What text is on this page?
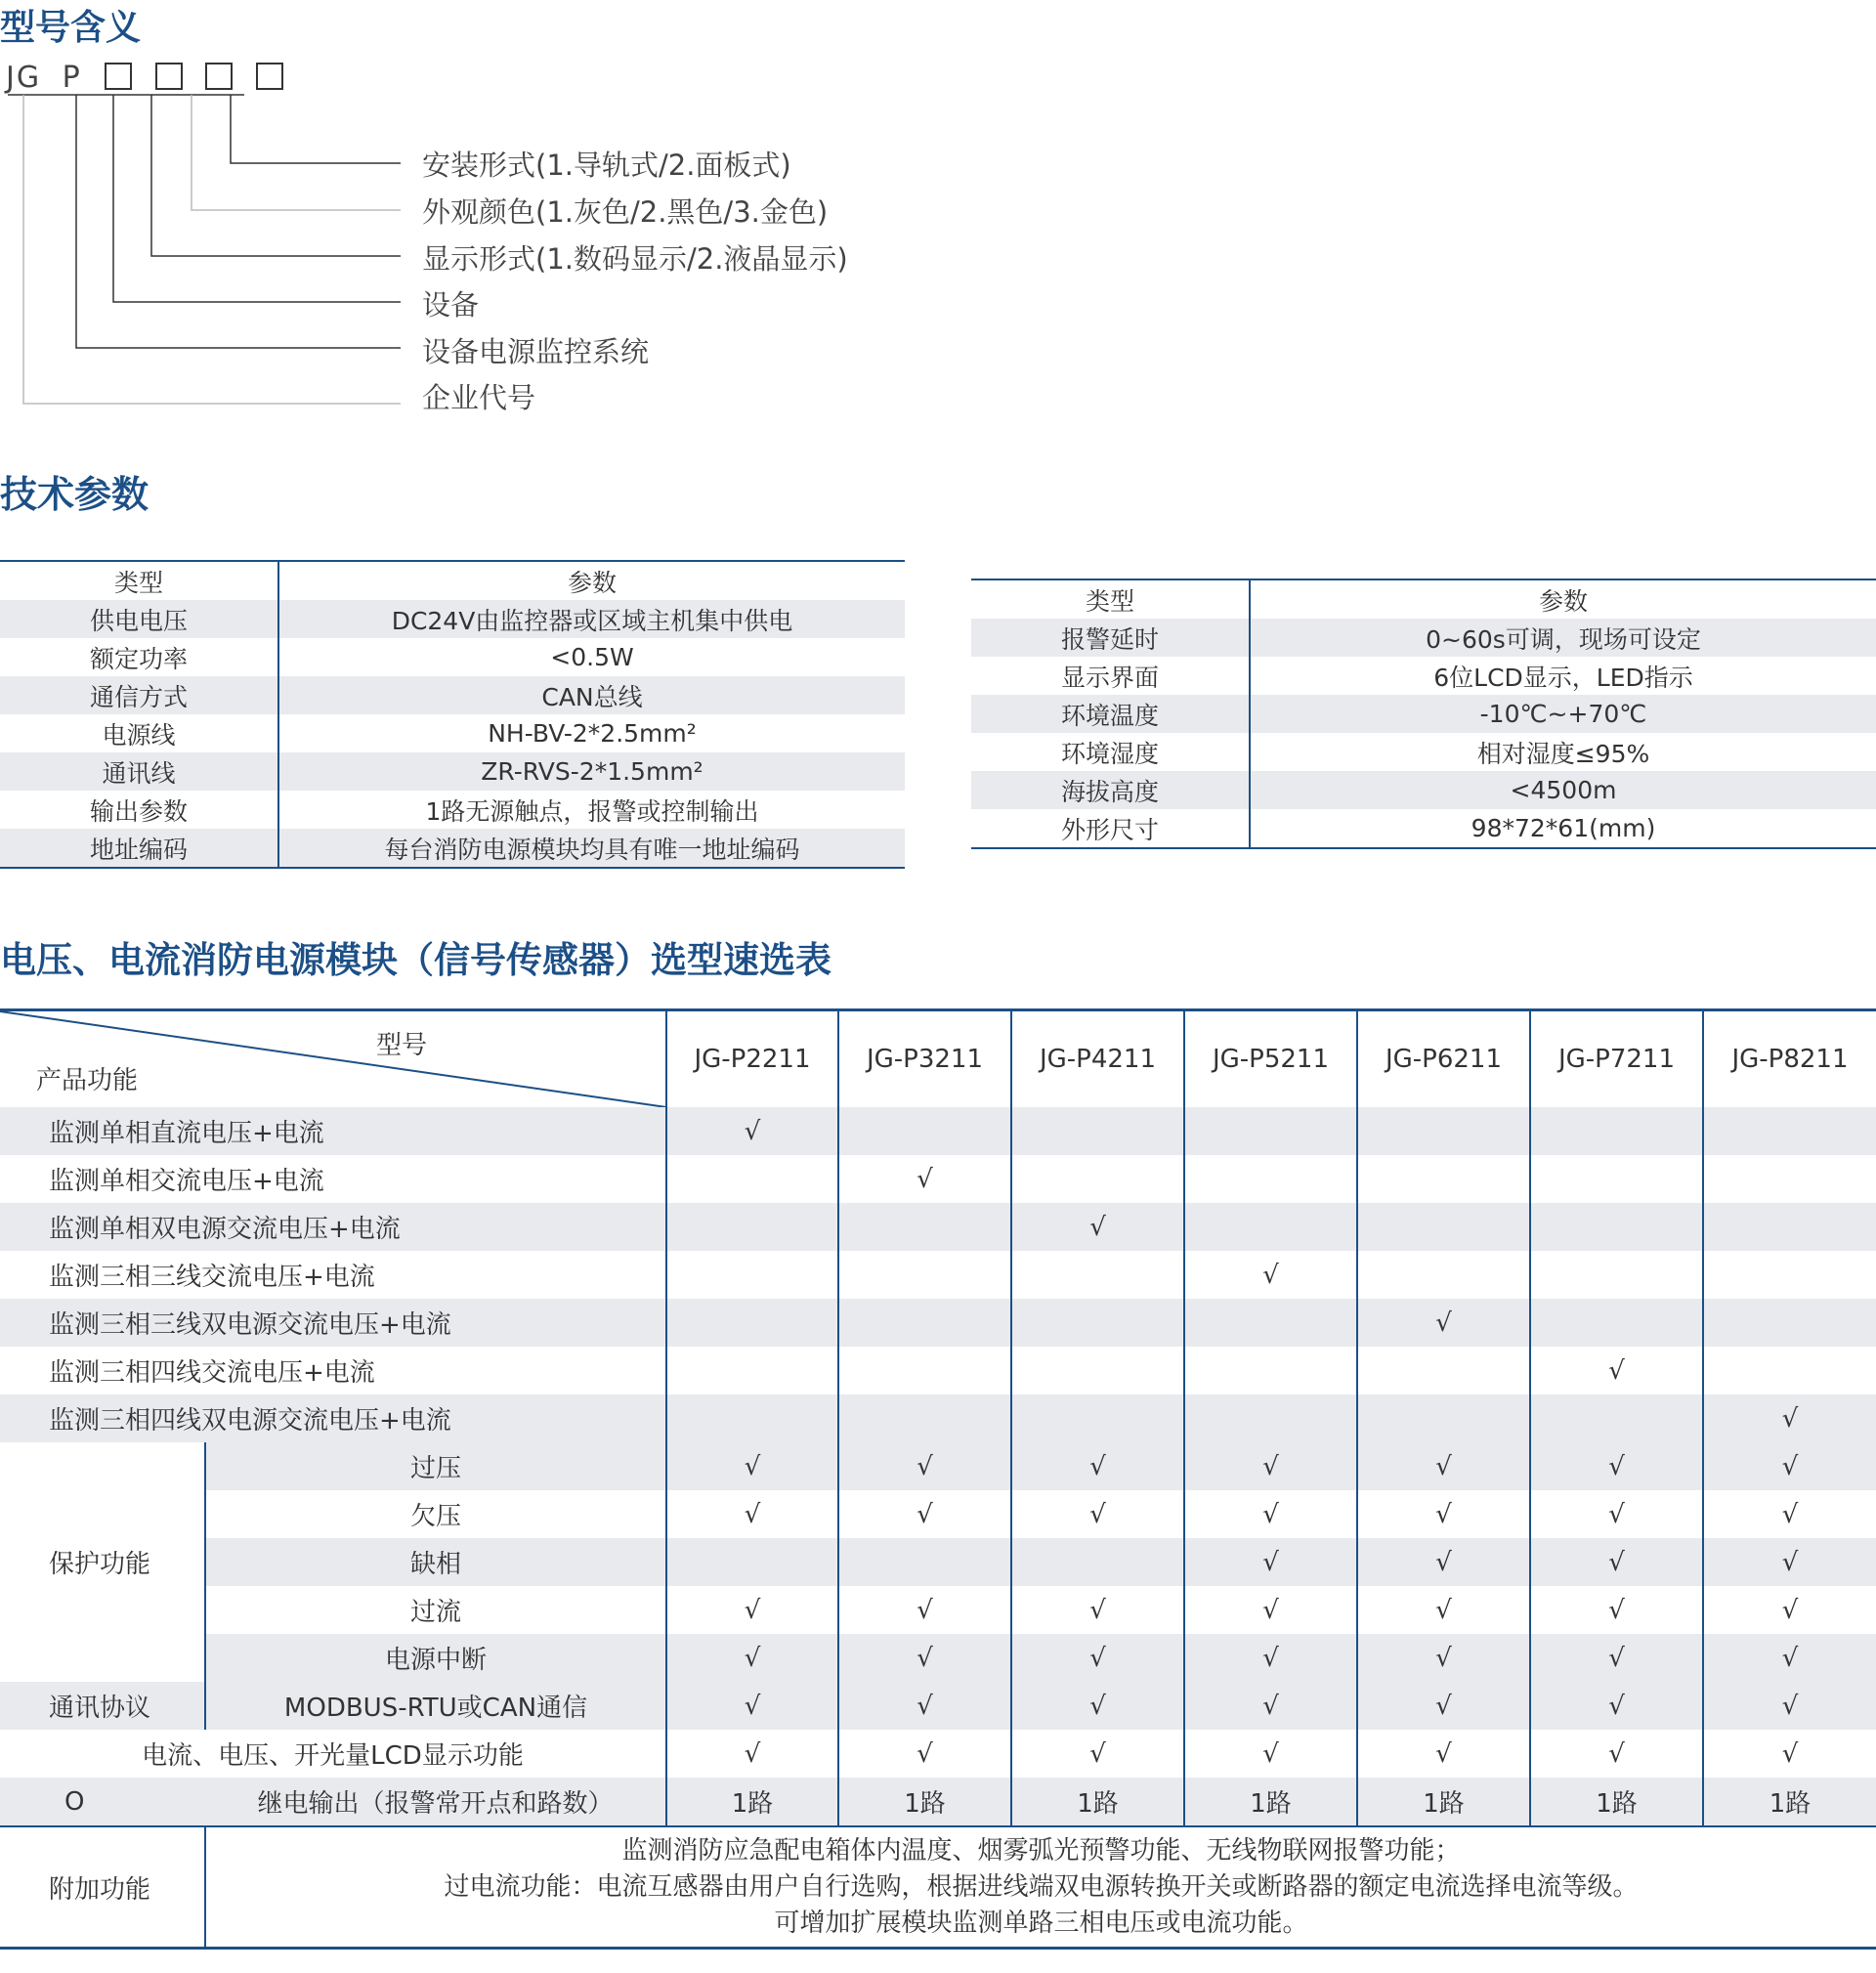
型号含义
JG P
安装形式(1.导轨式/2.面板式)
外观颜色(1.灰色/2.黑色/3.金色)
显示形式(1.数码显示/2.液晶显示)
设备
设备电源监控系统
企业代号
技术参数
类型	参数
供电电压	DC24V由监控器或区域主机集中供电
额定功率	<0.5W
通信方式	CAN总线
电源线	NH-BV-2*2.5mm²
通讯线	ZR-RVS-2*1.5mm²
输出参数	1路无源触点，报警或控制输出
地址编码	每台消防电源模块均具有唯一地址编码
类型	参数
报警延时	0~60s可调，现场可设定
显示界面	6位LCD显示，LED指示
环境温度	-10℃~+70℃
环境湿度	相对湿度≤95%
海拔高度	<4500m
外形尺寸	98*72*61(mm)
电压、电流消防电源模块（信号传感器）选型速选表
型号
产品功能		JG-P2211	JG-P3211	JG-P4211	JG-P5211	JG-P6211	JG-P7211	JG-P8211
监测单相直流电压+电流		√						
监测单相交流电压+电流			√					
监测单相双电源交流电压+电流				√				
监测三相三线交流电压+电流					√			
监测三相三线双电源交流电压+电流						√		
监测三相四线交流电压+电流							√	
监测三相四线双电源交流电压+电流								√
保护功能	过压	√	√	√	√	√	√	√
	欠压	√	√	√	√	√	√	√
	缺相				√	√	√	√
	过流	√	√	√	√	√	√	√
	电源中断	√	√	√	√	√	√	√
通讯协议	MODBUS-RTU或CAN通信	√	√	√	√	√	√	√
电流、电压、开光量LCD显示功能		√	√	√	√	√	√	√
O	继电输出（报警常开点和路数）	1路	1路	1路	1路	1路	1路	1路
附加功能	监测消防应急配电箱体内温度、烟雾弧光预警功能、无线物联网报警功能；
过电流功能：电流互感器由用户自行选购，根据进线端双电源转换开关或断路器的额定电流选择电流等级。
可增加扩展模块监测单路三相电压或电流功能。							
